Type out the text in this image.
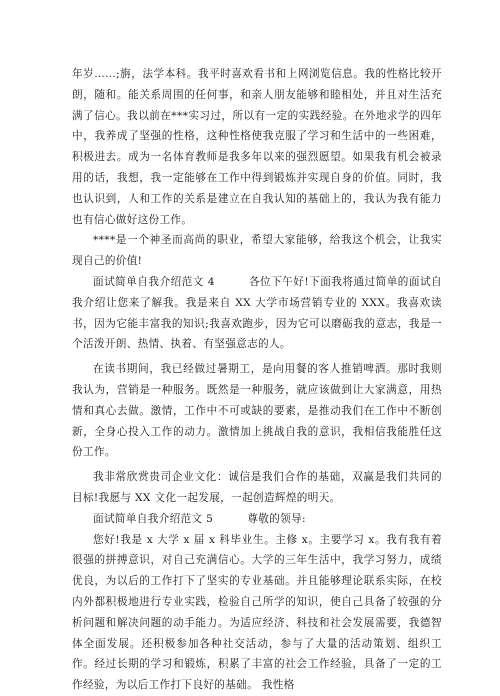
年岁……;旃，法学本科。我平时喜欢看书和上网浏览信息。我的性格比较开朗，随和。能关系周围的任何事，和亲人朋友能够和睦相处，并且对生活充满了信心。我以前在***实习过，所以有一定的实践经验。在外地求学的四年中，我养成了坚强的性格，这种性格使我克服了学习和生活中的一些困难，积极进去。成为一名体育教师是我多年以来的强烈愿望。如果我有机会被录用的话，我想，我一定能够在工作中得到锻炼并实现自身的价值。同时，我也认识到，人和工作的关系是建立在自我认知的基础上的，我认为我有能力也有信心做好这份工作。

****是一个神圣而高尚的职业，希望大家能够，给我这个机会，让我实现自己的价值!

面试简单自我介绍范文 4	各位下午好!下面我将通过简单的面试自我介绍让您来了解我。我是来自 XX 大学市场营销专业的 XXX。我喜欢读书，因为它能丰富我的知识;我喜欢跑步，因为它可以磨砺我的意志，我是一个活泼开朗、热情、执着、有坚强意志的人。

在读书期间，我已经做过暑期工，是向用餐的客人推销啤酒。那时我则我认为，营销是一种服务。既然是一种服务，就应该做到让大家满意，用热情和真心去做。激情，工作中不可或缺的要素，是推动我们在工作中不断创新，全身心投入工作的动力。激情加上挑战自我的意识，我相信我能胜任这份工作。

我非常欣赏贵司企业文化：诚信是我们合作的基础，双赢是我们共同的目标!我愿与 XX 文化一起发展，一起创造辉煌的明天。

面试简单自我介绍范文 5	尊敬的领导:

您好!我是 x 大学 x 届 x 科毕业生。主修 x。主要学习 x。我有我有着很强的拼搏意识，对自己充满信心。大学的三年生活中，我学习努力，成绩优良，为以后的工作打下了坚实的专业基础。并且能够理论联系实际，在校内外都积极地进行专业实践，检验自己所学的知识，使自己具备了较强的分析问题和解决问题的动手能力。为适应经济、科技和社会发展需要，我德智体全面发展。还积极参加各种社交活动，参与了大量的活动策划、组织工作。经过长期的学习和锻炼，积累了丰富的社会工作经验，具备了一定的工作经验，为以后工作打下良好的基础。 我性格
